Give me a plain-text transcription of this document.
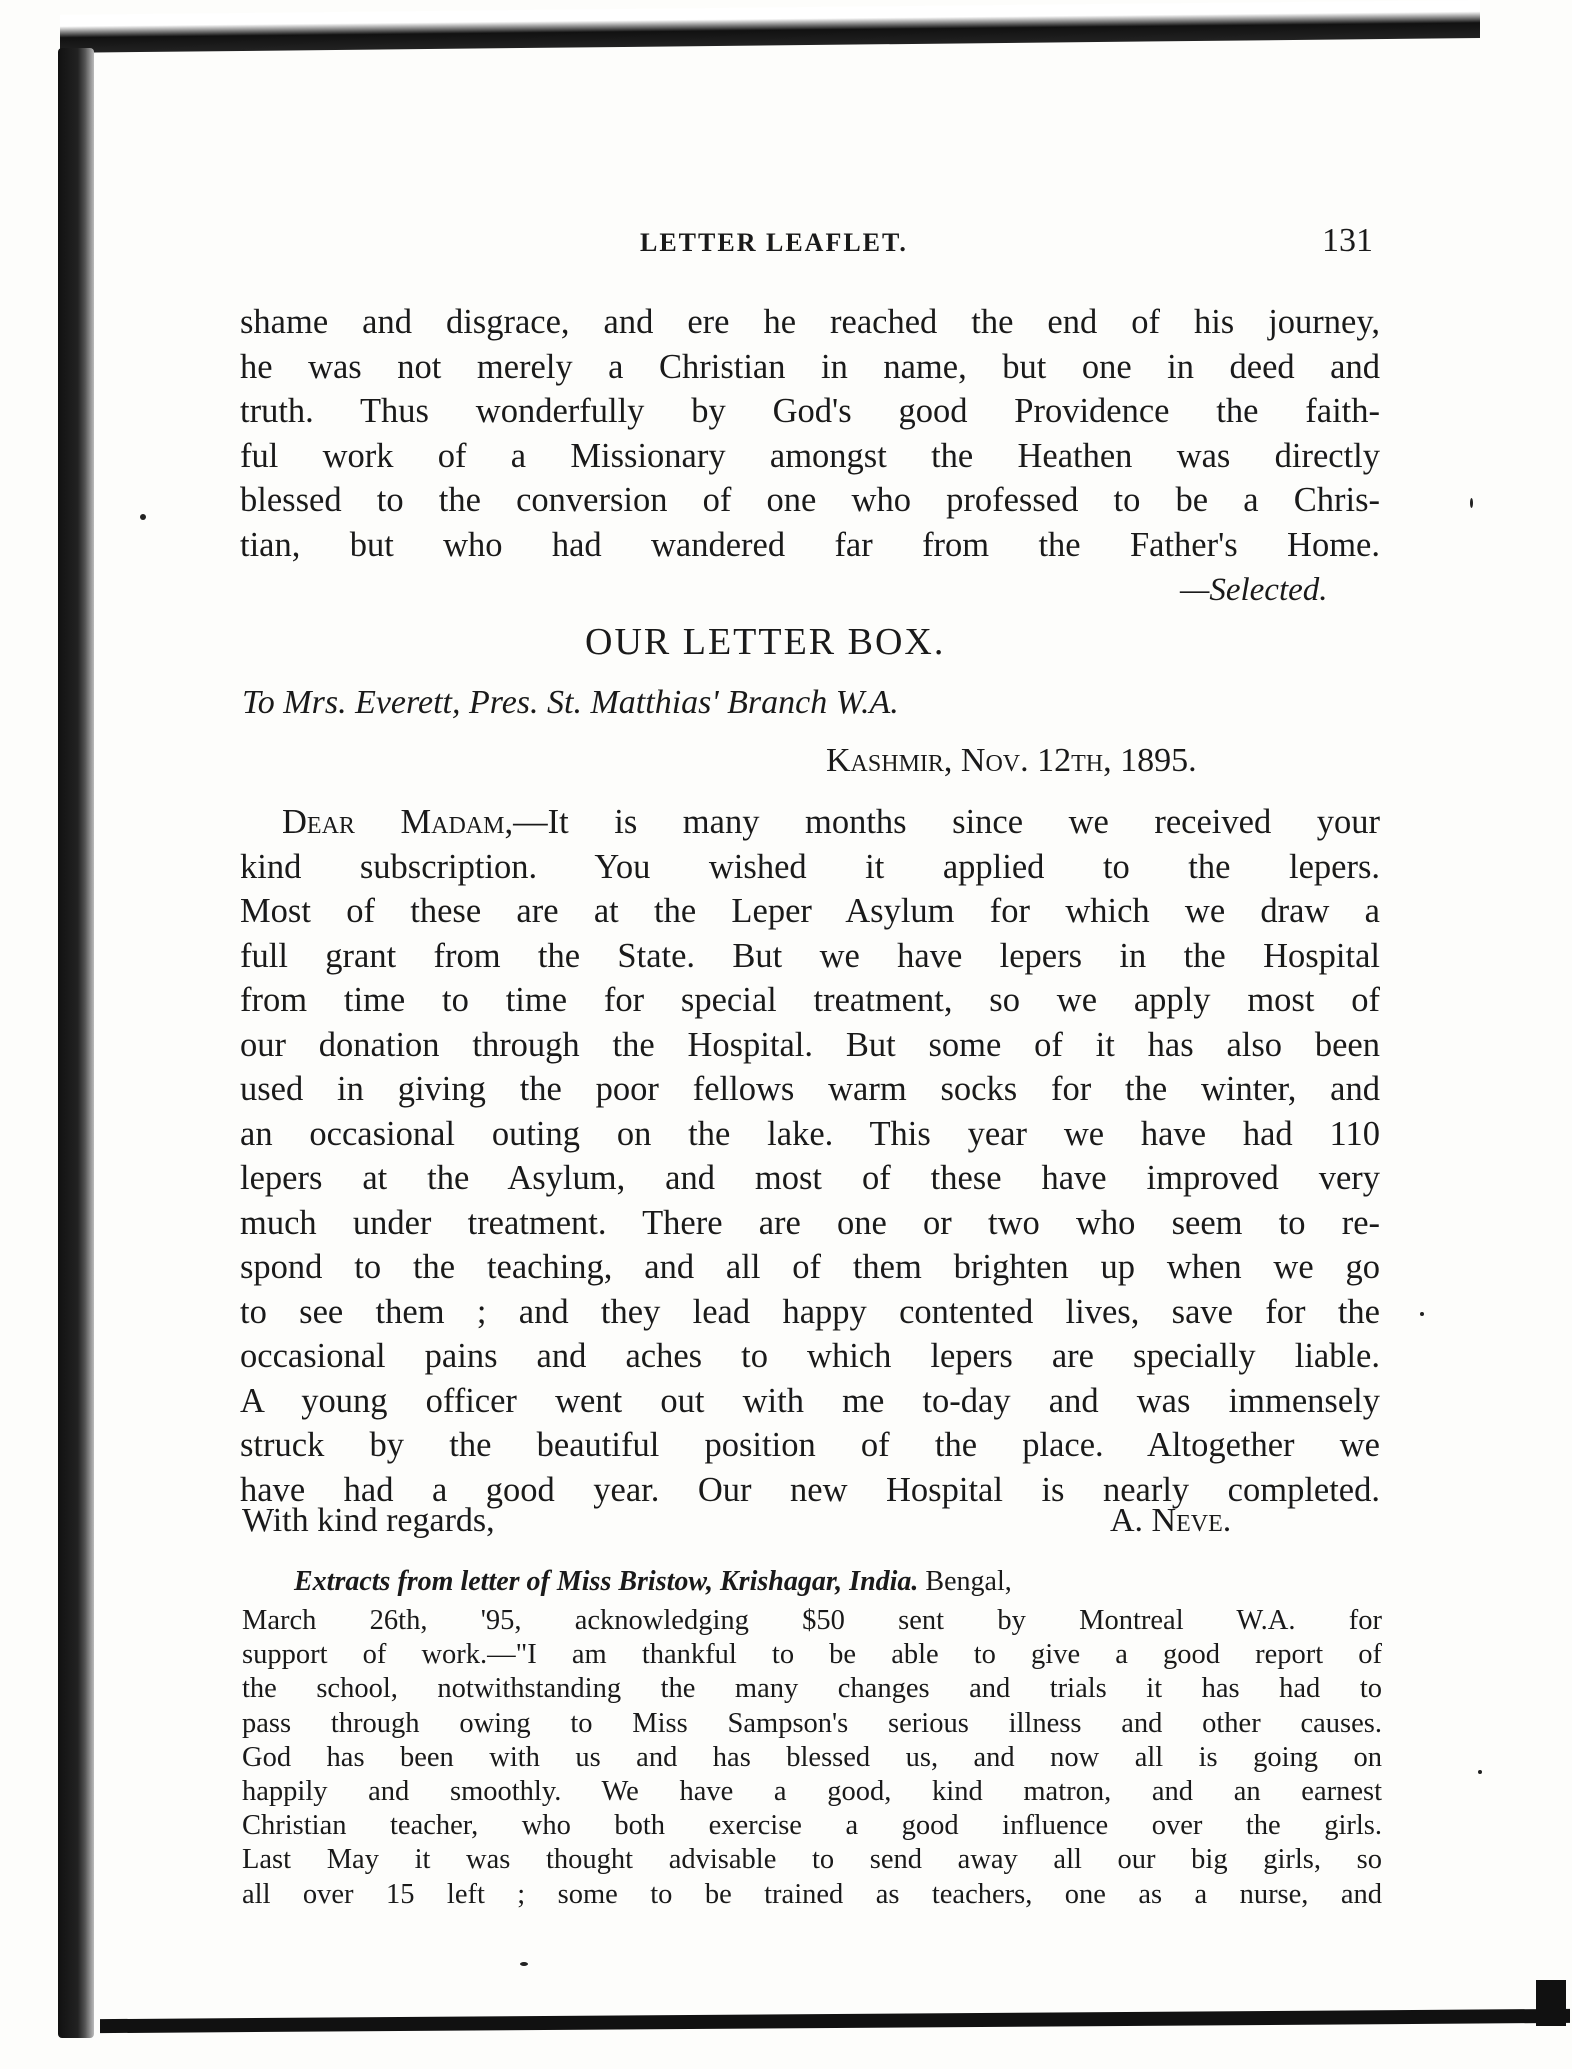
LETTER LEAFLET.	131
shame and disgrace, and ere he reached the end of his journey,
he was not merely a Christian in name, but one in deed and
truth. Thus wonderfully by God's good Providence the faith-
ful work of a Missionary amongst the Heathen was directly
blessed to the conversion of one who professed to be a Chris-
tian, but who had wandered far from the Father's Home.
—Selected.
OUR LETTER BOX.
To Mrs. Everett, Pres. St. Matthias' Branch W.A.
Kashmir, Nov. 12th, 1895.
Dear Madam,—It is many months since we received your
kind subscription. You wished it applied to the lepers.
Most of these are at the Leper Asylum for which we draw a
full grant from the State. But we have lepers in the Hospital
from time to time for special treatment, so we apply most of
our donation through the Hospital. But some of it has also been
used in giving the poor fellows warm socks for the winter, and
an occasional outing on the lake. This year we have had 110
lepers at the Asylum, and most of these have improved very
much under treatment. There are one or two who seem to re-
spond to the teaching, and all of them brighten up when we go
to see them ; and they lead happy contented lives, save for the
occasional pains and aches to which lepers are specially liable.
A young officer went out with me to-day and was immensely
struck by the beautiful position of the place. Altogether we
have had a good year. Our new Hospital is nearly completed.
With kind regards,	A. Neve.
Extracts from letter of Miss Bristow, Krishagar, India. Bengal,
March 26th, '95, acknowledging $50 sent by Montreal W.A. for
support of work.—"I am thankful to be able to give a good report of
the school, notwithstanding the many changes and trials it has had to
pass through owing to Miss Sampson's serious illness and other causes.
God has been with us and has blessed us, and now all is going on
happily and smoothly. We have a good, kind matron, and an earnest
Christian teacher, who both exercise a good influence over the girls.
Last May it was thought advisable to send away all our big girls, so
all over 15 left ; some to be trained as teachers, one as a nurse, and
